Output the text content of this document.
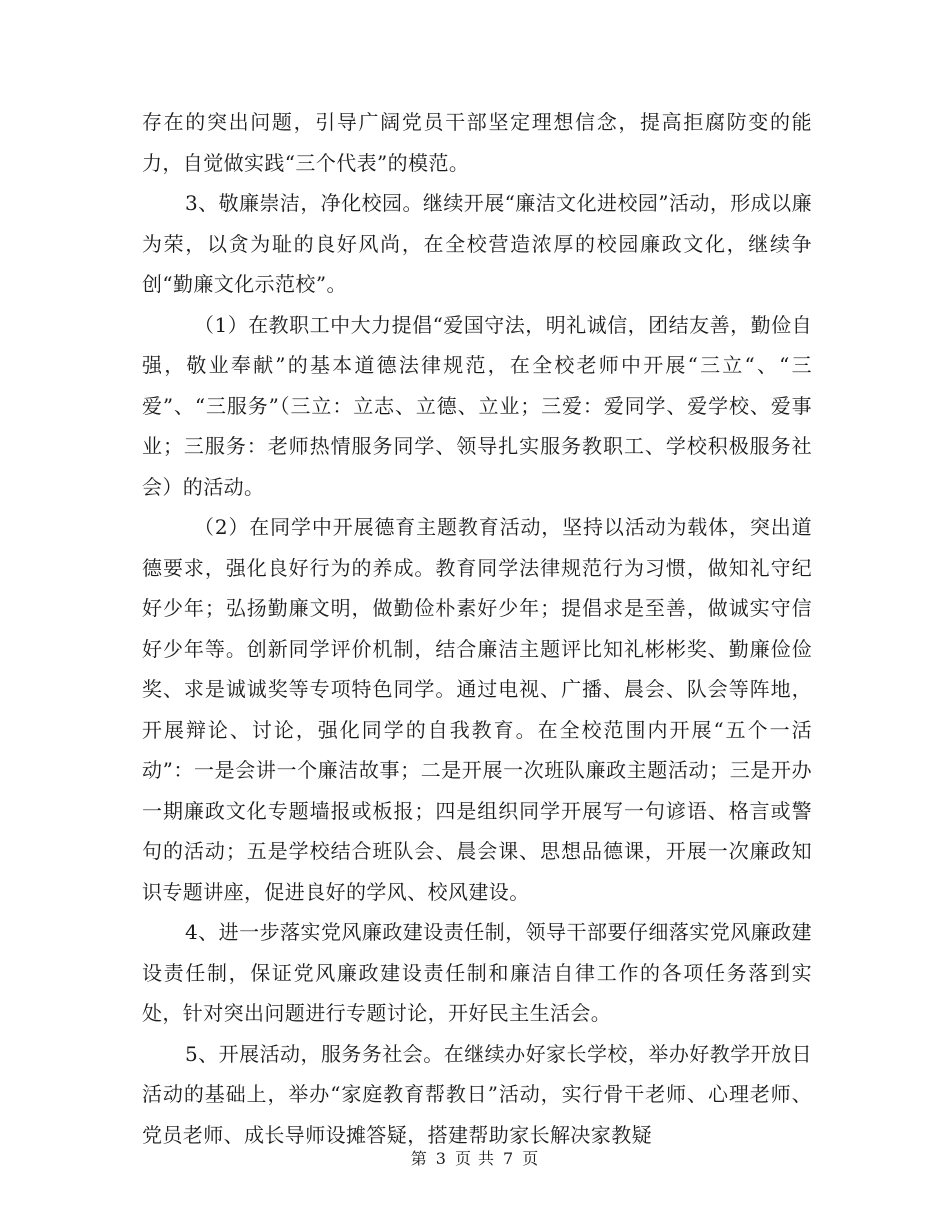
存在的突出问题，引导广阔党员干部坚定理想信念，提高拒腐防变的能力，自觉做实践“三个代表”的模范。

3、敬廉崇洁，净化校园。继续开展“廉洁文化进校园”活动，形成以廉为荣，以贪为耻的良好风尚，在全校营造浓厚的校园廉政文化，继续争创“勤廉文化示范校”。

（1）在教职工中大力提倡“爱国守法，明礼诚信，团结友善，勤俭自强，敬业奉献”的基本道德法律规范，在全校老师中开展“三立“、“三爱”、“三服务”（三立：立志、立德、立业；三爱：爱同学、爱学校、爱事业；三服务：老师热情服务同学、领导扎实服务教职工、学校积极服务社会）的活动。

（2）在同学中开展德育主题教育活动，坚持以活动为载体，突出道德要求，强化良好行为的养成。教育同学法律规范行为习惯，做知礼守纪好少年；弘扬勤廉文明，做勤俭朴素好少年；提倡求是至善，做诚实守信好少年等。创新同学评价机制，结合廉洁主题评比知礼彬彬奖、勤廉俭俭奖、求是诚诚奖等专项特色同学。通过电视、广播、晨会、队会等阵地，开展辩论、讨论，强化同学的自我教育。在全校范围内开展“五个一活动”：一是会讲一个廉洁故事；二是开展一次班队廉政主题活动；三是开办一期廉政文化专题墙报或板报；四是组织同学开展写一句谚语、格言或警句的活动；五是学校结合班队会、晨会课、思想品德课，开展一次廉政知识专题讲座，促进良好的学风、校风建设。

4、进一步落实党风廉政建设责任制，领导干部要仔细落实党风廉政建设责任制，保证党风廉政建设责任制和廉洁自律工作的各项任务落到实处，针对突出问题进行专题讨论，开好民主生活会。

5、开展活动，服务务社会。在继续办好家长学校，举办好教学开放日活动的基础上，举办“家庭教育帮教日”活动，实行骨干老师、心理老师、党员老师、成长导师设摊答疑，搭建帮助家长解决家教疑

第 3 页 共 7 页
